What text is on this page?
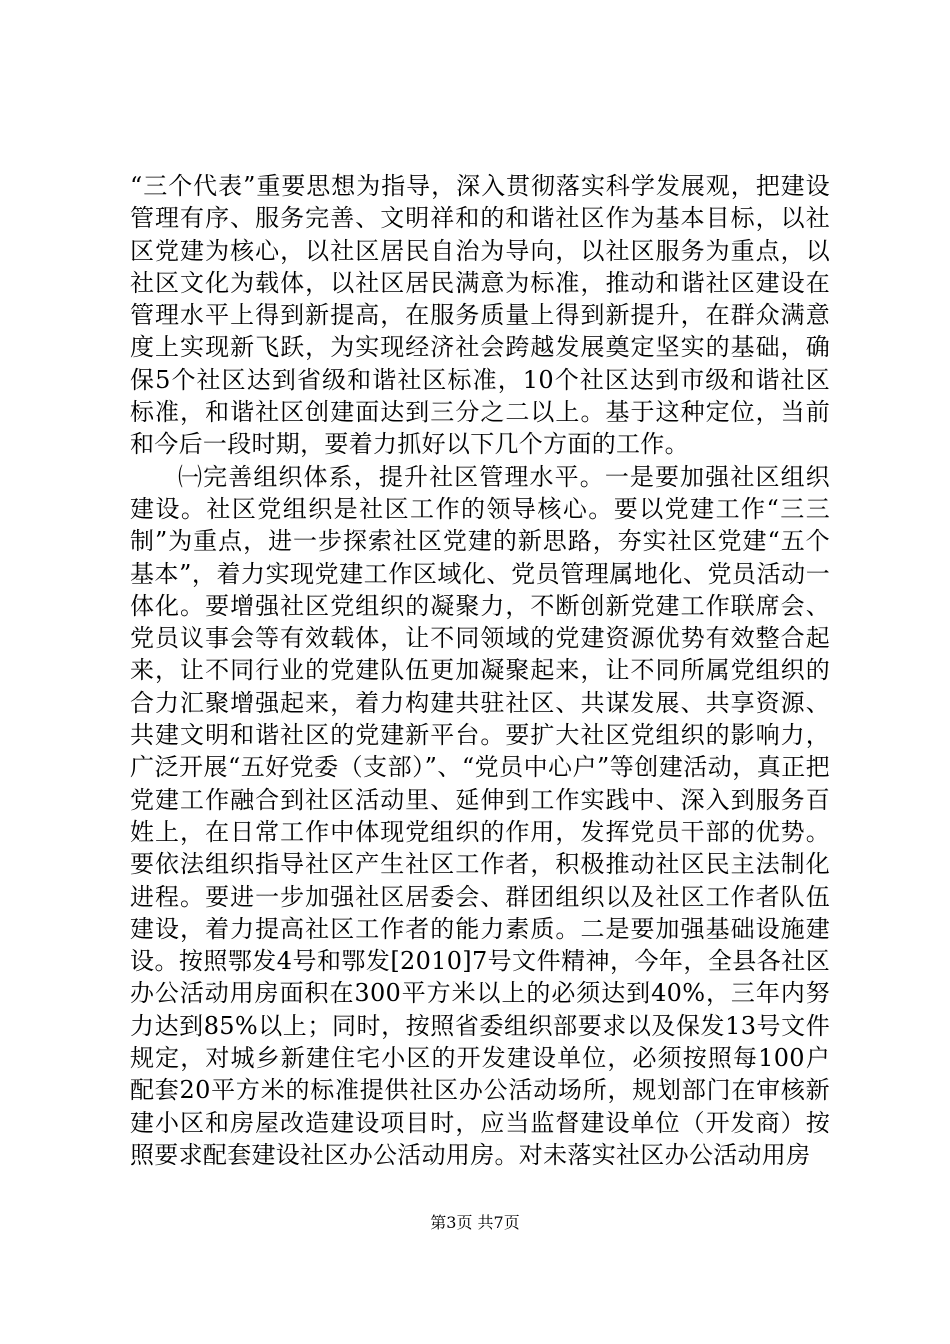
“三个代表”重要思想为指导，深入贯彻落实科学发展观，把建设管理有序、服务完善、文明祥和的和谐社区作为基本目标，以社区党建为核心，以社区居民自治为导向，以社区服务为重点，以社区文化为载体，以社区居民满意为标准，推动和谐社区建设在管理水平上得到新提高，在服务质量上得到新提升，在群众满意度上实现新飞跃，为实现经济社会跨越发展奠定坚实的基础，确保5个社区达到省级和谐社区标准，10个社区达到市级和谐社区标准，和谐社区创建面达到三分之二以上。基于这种定位，当前和今后一段时期，要着力抓好以下几个方面的工作。

㈠完善组织体系，提升社区管理水平。一是要加强社区组织建设。社区党组织是社区工作的领导核心。要以党建工作“三三制”为重点，进一步探索社区党建的新思路，夯实社区党建“五个基本”，着力实现党建工作区域化、党员管理属地化、党员活动一体化。要增强社区党组织的凝聚力，不断创新党建工作联席会、党员议事会等有效载体，让不同领域的党建资源优势有效整合起来，让不同行业的党建队伍更加凝聚起来，让不同所属党组织的合力汇聚增强起来，着力构建共驻社区、共谋发展、共享资源、共建文明和谐社区的党建新平台。要扩大社区党组织的影响力，广泛开展“五好党委（支部）”、“党员中心户”等创建活动，真正把党建工作融合到社区活动里、延伸到工作实践中、深入到服务百姓上，在日常工作中体现党组织的作用，发挥党员干部的优势。要依法组织指导社区产生社区工作者，积极推动社区民主法制化进程。要进一步加强社区居委会、群团组织以及社区工作者队伍建设，着力提高社区工作者的能力素质。二是要加强基础设施建设。按照鄂发4号和鄂发[2010]7号文件精神，今年，全县各社区办公活动用房面积在300平方米以上的必须达到40%，三年内努力达到85%以上；同时，按照省委组织部要求以及保发13号文件规定，对城乡新建住宅小区的开发建设单位，必须按照每100户配套20平方米的标准提供社区办公活动场所，规划部门在审核新建小区和房屋改造建设项目时，应当监督建设单位（开发商）按照要求配套建设社区办公活动用房。对未落实社区办公活动用房

第3页 共7页
